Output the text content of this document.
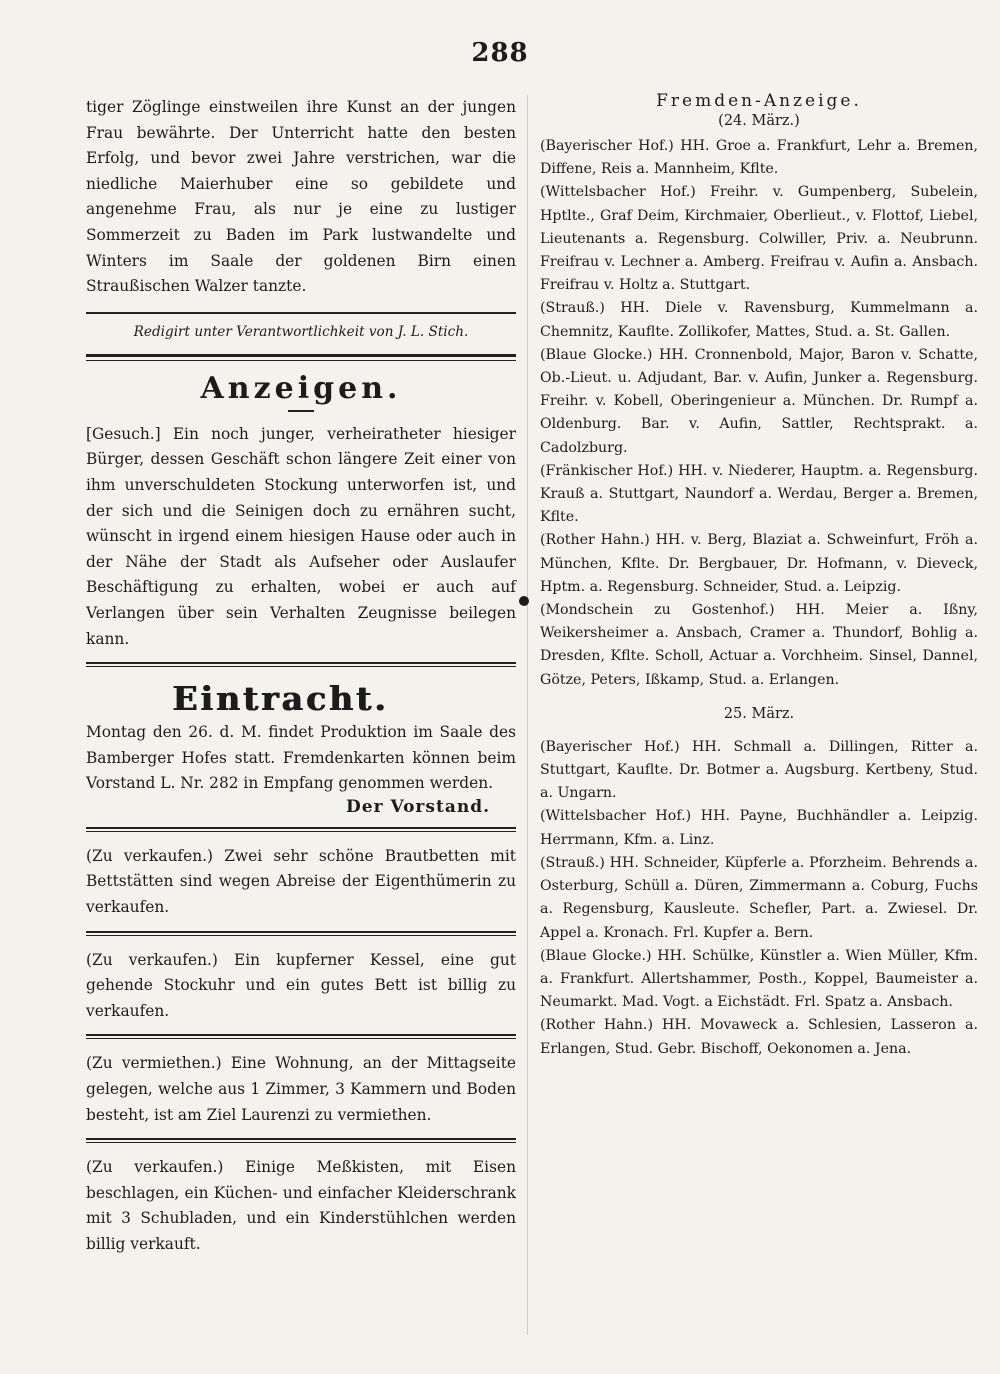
288

tiger Zöglinge einstweilen ihre Kunst an der jungen Frau bewährte. Der Unterricht hatte den besten Erfolg, und bevor zwei Jahre verstrichen, war die niedliche Maierhuber eine so gebildete und angenehme Frau, als nur je eine zu lustiger Sommerzeit zu Baden im Park lustwandelte und Winters im Saale der goldenen Birn einen Straußischen Walzer tanzte.

Redigirt unter Verantwortlichkeit von J. L. Stich.

Anzeigen.

[Gesuch.] Ein noch junger, verheiratheter hiesiger Bürger, dessen Geschäft schon längere Zeit einer von ihm unverschuldeten Stockung unterworfen ist, und der sich und die Seinigen doch zu ernähren sucht, wünscht in irgend einem hiesigen Hause oder auch in der Nähe der Stadt als Aufseher oder Auslaufer Beschäftigung zu erhalten, wobei er auch auf Verlangen über sein Verhalten Zeugnisse beilegen kann.

Eintracht.

Montag den 26. d. M. findet Produktion im Saale des Bamberger Hofes statt. Fremdenkarten können beim Vorstand L. Nr. 282 in Empfang genommen werden.

Der Vorstand.

(Zu verkaufen.) Zwei sehr schöne Brautbetten mit Bettstätten sind wegen Abreise der Eigenthümerin zu verkaufen.

(Zu verkaufen.) Ein kupferner Kessel, eine gut gehende Stockuhr und ein gutes Bett ist billig zu verkaufen.

(Zu vermiethen.) Eine Wohnung, an der Mittagseite gelegen, welche aus 1 Zimmer, 3 Kammern und Boden besteht, ist am Ziel Laurenzi zu vermiethen.

(Zu verkaufen.) Einige Meßkisten, mit Eisen beschlagen, ein Küchen- und einfacher Kleiderschrank mit 3 Schubladen, und ein Kinderstühlchen werden billig verkauft.

Fremden-Anzeige.
(24. März.)

(Bayerischer Hof.) HH. Groe a. Frankfurt, Lehr a. Bremen, Diffene, Reis a. Mannheim, Kflte.

(Wittelsbacher Hof.) Freihr. v. Gumpenberg, Subelein, Hptlte., Graf Deim, Kirchmaier, Oberlieut., v. Flottof, Liebel, Lieutenants a. Regensburg. Colwiller, Priv. a. Neubrunn. Freifrau v. Lechner a. Amberg. Freifrau v. Aufin a. Ansbach. Freifrau v. Holtz a. Stuttgart.

(Strauß.) HH. Diele v. Ravensburg, Kummelmann a. Chemnitz, Kauflte. Zollikofer, Mattes, Stud. a. St. Gallen.

(Blaue Glocke.) HH. Cronnenbold, Major, Baron v. Schatte, Ob.-Lieut. u. Adjudant, Bar. v. Aufin, Junker a. Regensburg. Freihr. v. Kobell, Oberingenieur a. München. Dr. Rumpf a. Oldenburg. Bar. v. Aufin, Sattler, Rechtsprakt. a. Cadolzburg.

(Fränkischer Hof.) HH. v. Niederer, Hauptm. a. Regensburg. Krauß a. Stuttgart, Naundorf a. Werdau, Berger a. Bremen, Kflte.

(Rother Hahn.) HH. v. Berg, Blaziat a. Schweinfurt, Fröh a. München, Kflte. Dr. Bergbauer, Dr. Hofmann, v. Dieveck, Hptm. a. Regensburg. Schneider, Stud. a. Leipzig.

(Mondschein zu Gostenhof.) HH. Meier a. Ißny, Weikersheimer a. Ansbach, Cramer a. Thundorf, Bohlig a. Dresden, Kflte. Scholl, Actuar a. Vorchheim. Sinsel, Dannel, Götze, Peters, Ißkamp, Stud. a. Erlangen.

25. März.

(Bayerischer Hof.) HH. Schmall a. Dillingen, Ritter a. Stuttgart, Kauflte. Dr. Botmer a. Augsburg. Kertbeny, Stud. a. Ungarn.

(Wittelsbacher Hof.) HH. Payne, Buchhändler a. Leipzig. Herrmann, Kfm. a. Linz.

(Strauß.) HH. Schneider, Küpferle a. Pforzheim. Behrends a. Osterburg, Schüll a. Düren, Zimmermann a. Coburg, Fuchs a. Regensburg, Kausleute. Schefler, Part. a. Zwiesel. Dr. Appel a. Kronach. Frl. Kupfer a. Bern.

(Blaue Glocke.) HH. Schülke, Künstler a. Wien Müller, Kfm. a. Frankfurt. Allertshammer, Posth., Koppel, Baumeister a. Neumarkt. Mad. Vogt. a Eichstädt. Frl. Spatz a. Ansbach.

(Rother Hahn.) HH. Movaweck a. Schlesien, Lasseron a. Erlangen, Stud. Gebr. Bischoff, Oekonomen a. Jena.
